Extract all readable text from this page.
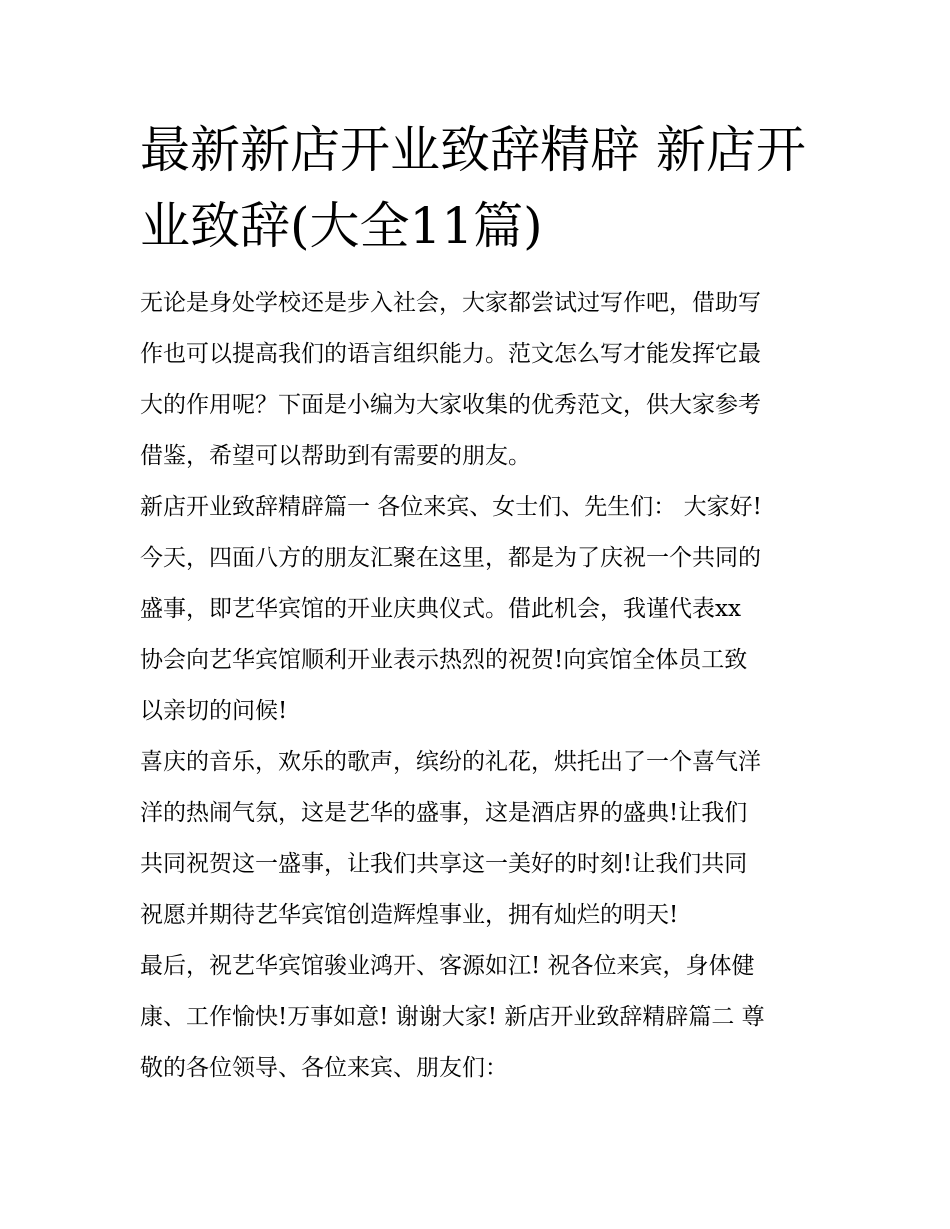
最新新店开业致辞精辟 新店开
业致辞(大全11篇)
无论是身处学校还是步入社会，大家都尝试过写作吧，借助写
作也可以提高我们的语言组织能力。范文怎么写才能发挥它最
大的作用呢？下面是小编为大家收集的优秀范文，供大家参考
借鉴，希望可以帮助到有需要的朋友。
新店开业致辞精辟篇一 各位来宾、女士们、先生们： 大家好!
今天，四面八方的朋友汇聚在这里，都是为了庆祝一个共同的
盛事，即艺华宾馆的开业庆典仪式。借此机会，我谨代表xx
协会向艺华宾馆顺利开业表示热烈的祝贺!向宾馆全体员工致
以亲切的问候!
喜庆的音乐，欢乐的歌声，缤纷的礼花，烘托出了一个喜气洋
洋的热闹气氛，这是艺华的盛事，这是酒店界的盛典!让我们
共同祝贺这一盛事，让我们共享这一美好的时刻!让我们共同
祝愿并期待艺华宾馆创造辉煌事业，拥有灿烂的明天!
最后，祝艺华宾馆骏业鸿开、客源如江! 祝各位来宾，身体健
康、工作愉快!万事如意! 谢谢大家! 新店开业致辞精辟篇二 尊
敬的各位领导、各位来宾、朋友们：
